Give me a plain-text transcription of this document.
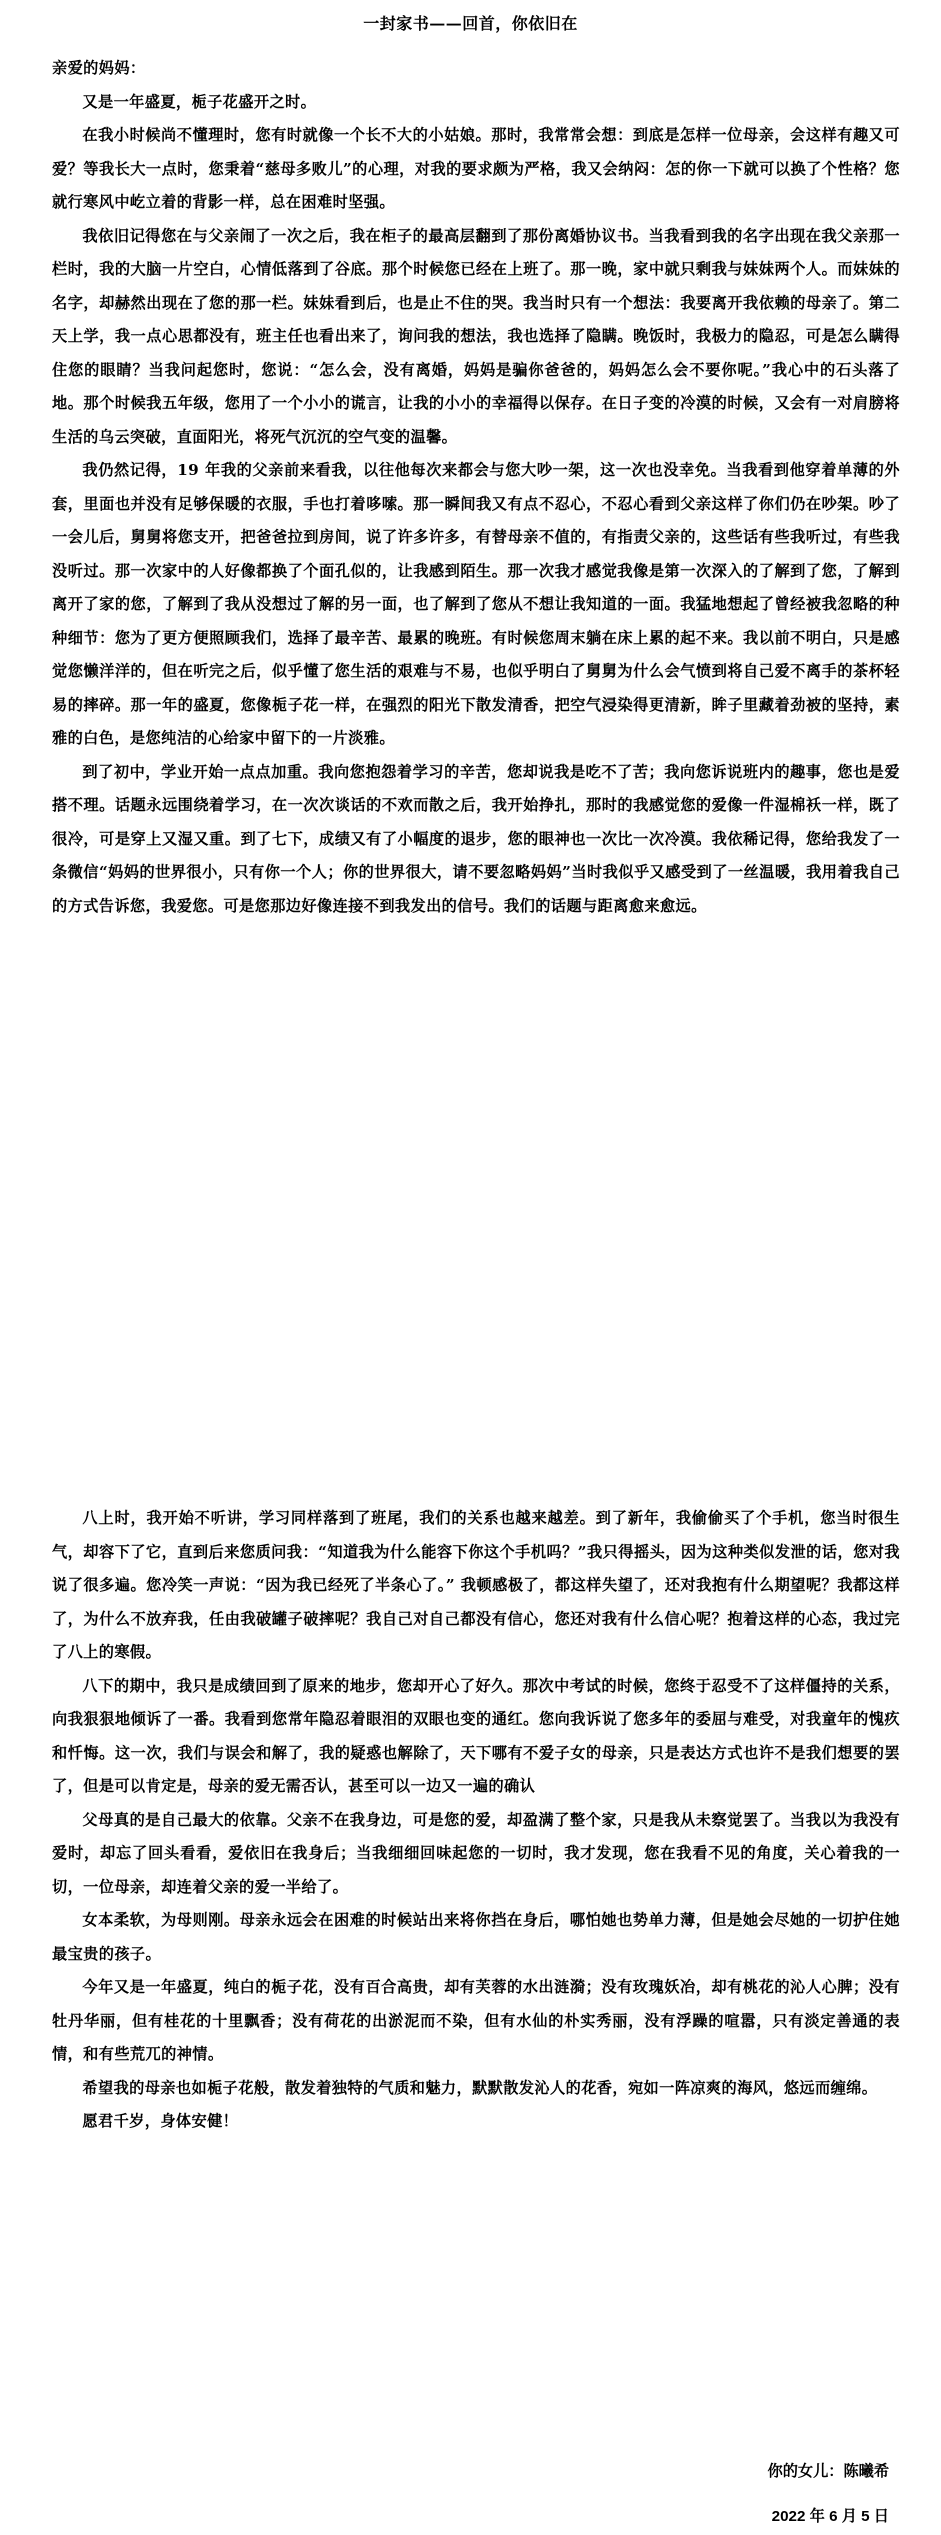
一封家书——回首，你依旧在

亲爱的妈妈：

又是一年盛夏，栀子花盛开之时。

在我小时候尚不懂理时，您有时就像一个长不大的小姑娘。那时，我常常会想：到底是怎样一位母亲，会这样有趣又可爱？等我长大一点时，您秉着“慈母多败儿”的心理，对我的要求颇为严格，我又会纳闷：怎的你一下就可以换了个性格？您就行寒风中屹立着的背影一样，总在困难时坚强。

我依旧记得您在与父亲闹了一次之后，我在柜子的最高层翻到了那份离婚协议书。当我看到我的名字出现在我父亲那一栏时，我的大脑一片空白，心情低落到了谷底。那个时候您已经在上班了。那一晚，家中就只剩我与妹妹两个人。而妹妹的名字，却赫然出现在了您的那一栏。妹妹看到后，也是止不住的哭。我当时只有一个想法：我要离开我依赖的母亲了。第二天上学，我一点心思都没有，班主任也看出来了，询问我的想法，我也选择了隐瞒。晚饭时，我极力的隐忍，可是怎么瞒得住您的眼睛？当我问起您时，您说：“怎么会，没有离婚，妈妈是骗你爸爸的，妈妈怎么会不要你呢。”我心中的石头落了地。那个时候我五年级，您用了一个小小的谎言，让我的小小的幸福得以保存。在日子变的冷漠的时候，又会有一对肩膀将生活的乌云突破，直面阳光，将死气沉沉的空气变的温馨。

我仍然记得，19 年我的父亲前来看我，以往他每次来都会与您大吵一架，这一次也没幸免。当我看到他穿着单薄的外套，里面也并没有足够保暖的衣服，手也打着哆嗦。那一瞬间我又有点不忍心，不忍心看到父亲这样了你们仍在吵架。吵了一会儿后，舅舅将您支开，把爸爸拉到房间，说了许多许多，有替母亲不值的，有指责父亲的，这些话有些我听过，有些我没听过。那一次家中的人好像都换了个面孔似的，让我感到陌生。那一次我才感觉我像是第一次深入的了解到了您，了解到离开了家的您，了解到了我从没想过了解的另一面，也了解到了您从不想让我知道的一面。我猛地想起了曾经被我忽略的种种细节：您为了更方便照顾我们，选择了最辛苦、最累的晚班。有时候您周末躺在床上累的起不来。我以前不明白，只是感觉您懒洋洋的，但在听完之后，似乎懂了您生活的艰难与不易，也似乎明白了舅舅为什么会气愤到将自己爱不离手的茶杯轻易的摔碎。那一年的盛夏，您像栀子花一样，在强烈的阳光下散发清香，把空气浸染得更清新，眸子里藏着劲被的坚持，素雅的白色，是您纯洁的心给家中留下的一片淡雅。

到了初中，学业开始一点点加重。我向您抱怨着学习的辛苦，您却说我是吃不了苦；我向您诉说班内的趣事，您也是爱搭不理。话题永远围绕着学习，在一次次谈话的不欢而散之后，我开始挣扎，那时的我感觉您的爱像一件湿棉袄一样，既了很冷，可是穿上又湿又重。到了七下，成绩又有了小幅度的退步，您的眼神也一次比一次冷漠。我依稀记得，您给我发了一条微信“妈妈的世界很小，只有你一个人；你的世界很大，请不要忽略妈妈”当时我似乎又感受到了一丝温暖，我用着我自己的方式告诉您，我爱您。可是您那边好像连接不到我发出的信号。我们的话题与距离愈来愈远。

八上时，我开始不听讲，学习同样落到了班尾，我们的关系也越来越差。到了新年，我偷偷买了个手机，您当时很生气，却容下了它，直到后来您质问我：“知道我为什么能容下你这个手机吗？”我只得摇头，因为这种类似发泄的话，您对我说了很多遍。您冷笑一声说：“因为我已经死了半条心了。” 我顿感极了，都这样失望了，还对我抱有什么期望呢？我都这样了，为什么不放弃我，任由我破罐子破摔呢？我自己对自己都没有信心，您还对我有什么信心呢？抱着这样的心态，我过完了八上的寒假。

八下的期中，我只是成绩回到了原来的地步，您却开心了好久。那次中考试的时候，您终于忍受不了这样僵持的关系，向我狠狠地倾诉了一番。我看到您常年隐忍着眼泪的双眼也变的通红。您向我诉说了您多年的委屈与难受，对我童年的愧疚和忏悔。这一次，我们与误会和解了，我的疑惑也解除了，天下哪有不爱子女的母亲，只是表达方式也许不是我们想要的罢了，但是可以肯定是，母亲的爱无需否认，甚至可以一边又一遍的确认

父母真的是自己最大的依靠。父亲不在我身边，可是您的爱，却盈满了整个家，只是我从未察觉罢了。当我以为我没有爱时，却忘了回头看看，爱依旧在我身后；当我细细回味起您的一切时，我才发现，您在我看不见的角度，关心着我的一切，一位母亲，却连着父亲的爱一半给了。

女本柔软，为母则刚。母亲永远会在困难的时候站出来将你挡在身后，哪怕她也势单力薄，但是她会尽她的一切护住她最宝贵的孩子。

今年又是一年盛夏，纯白的栀子花，没有百合高贵，却有芙蓉的水出涟漪；没有玫瑰妖冶，却有桃花的沁人心脾；没有牡丹华丽，但有桂花的十里飘香；没有荷花的出淤泥而不染，但有水仙的朴实秀丽，没有浮躁的喧嚣，只有淡定善通的表情，和有些荒兀的神情。

希望我的母亲也如栀子花般，散发着独特的气质和魅力，默默散发沁人的花香，宛如一阵凉爽的海风，悠远而缠绵。

愿君千岁，身体安健！

你的女儿：陈曦希
2022 年 6 月 5 日
